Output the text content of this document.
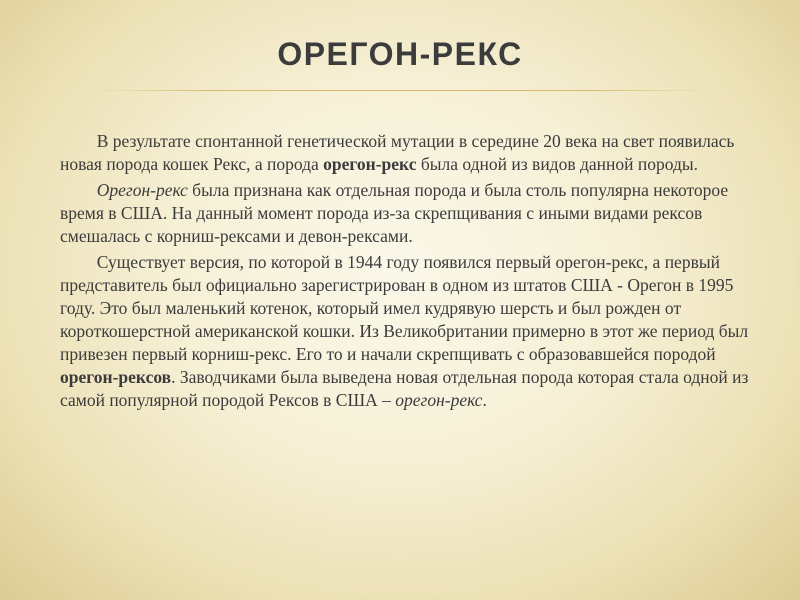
ОРЕГОН-РЕКС

В результате спонтанной генетической мутации в середине 20 века на свет появилась новая порода кошек Рекс, а порода орегон-рекс была одной из видов данной породы.

Орегон-рекс была признана как отдельная порода и была столь популярна некоторое время в США. На данный момент порода из-за скрепщивания с иными видами рексов смешалась с корниш-рексами и девон-рексами.

Существует версия, по которой в 1944 году появился первый орегон-рекс, а первый представитель был официально зарегистрирован в одном из штатов США - Орегон в 1995 году. Это был маленький котенок, который имел кудрявую шерсть и был рожден от короткошерстной американской кошки. Из Великобритании примерно в этот же период был привезен первый корниш-рекс. Его то и начали скрепщивать с образовавшейся породой орегон-рексов. Заводчиками была выведена новая отдельная порода которая стала одной из самой популярной породой Рексов в США – орегон-рекс.
